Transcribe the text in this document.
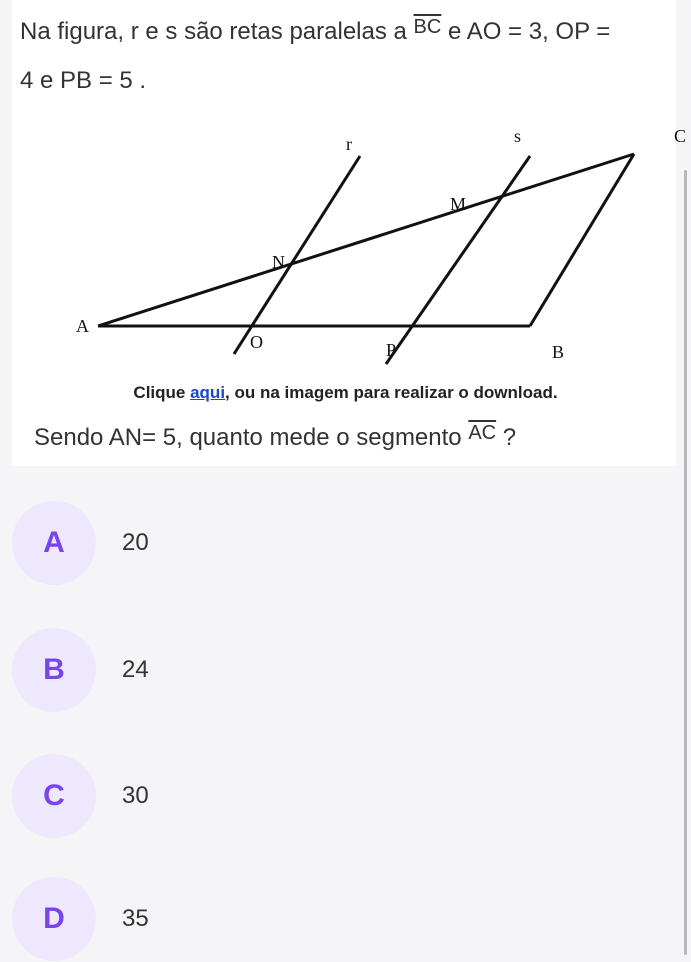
Na figura, r e s são retas paralelas a $^{\overline{BC}}$ e AO = 3, OP =
4 e PB = 5 .
r	s	C
M
N
A
O	P	B
Clique aqui, ou na imagem para realizar o download.
Sendo AN= 5, quanto mede o segmento $^{\overline{AC}}$ ?
A	20
B	24
C	30
D	35
